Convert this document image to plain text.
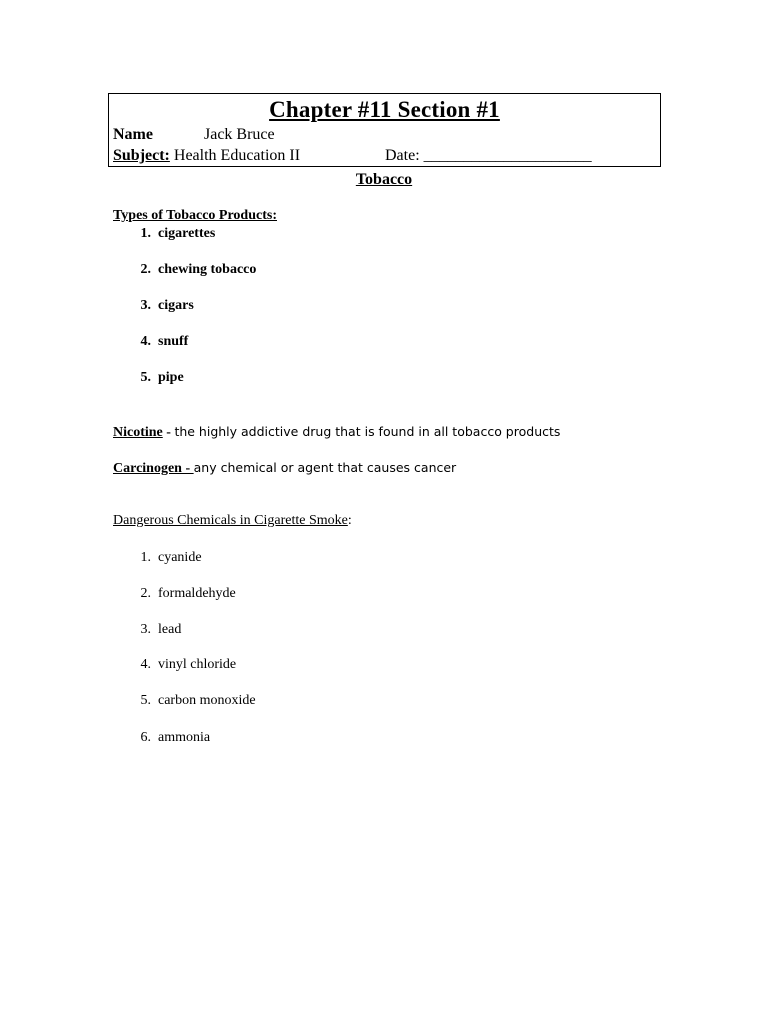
Chapter #11 Section #1
Name	Jack Bruce
Subject: Health Education II	Date: _____________________
Tobacco
Types of Tobacco Products:
1. cigarettes
2. chewing tobacco
3. cigars
4. snuff
5. pipe
Nicotine - the highly addictive drug that is found in all tobacco products
Carcinogen - any chemical or agent that causes cancer
Dangerous Chemicals in Cigarette Smoke:
1. cyanide
2. formaldehyde
3. lead
4. vinyl chloride
5. carbon monoxide
6. ammonia
